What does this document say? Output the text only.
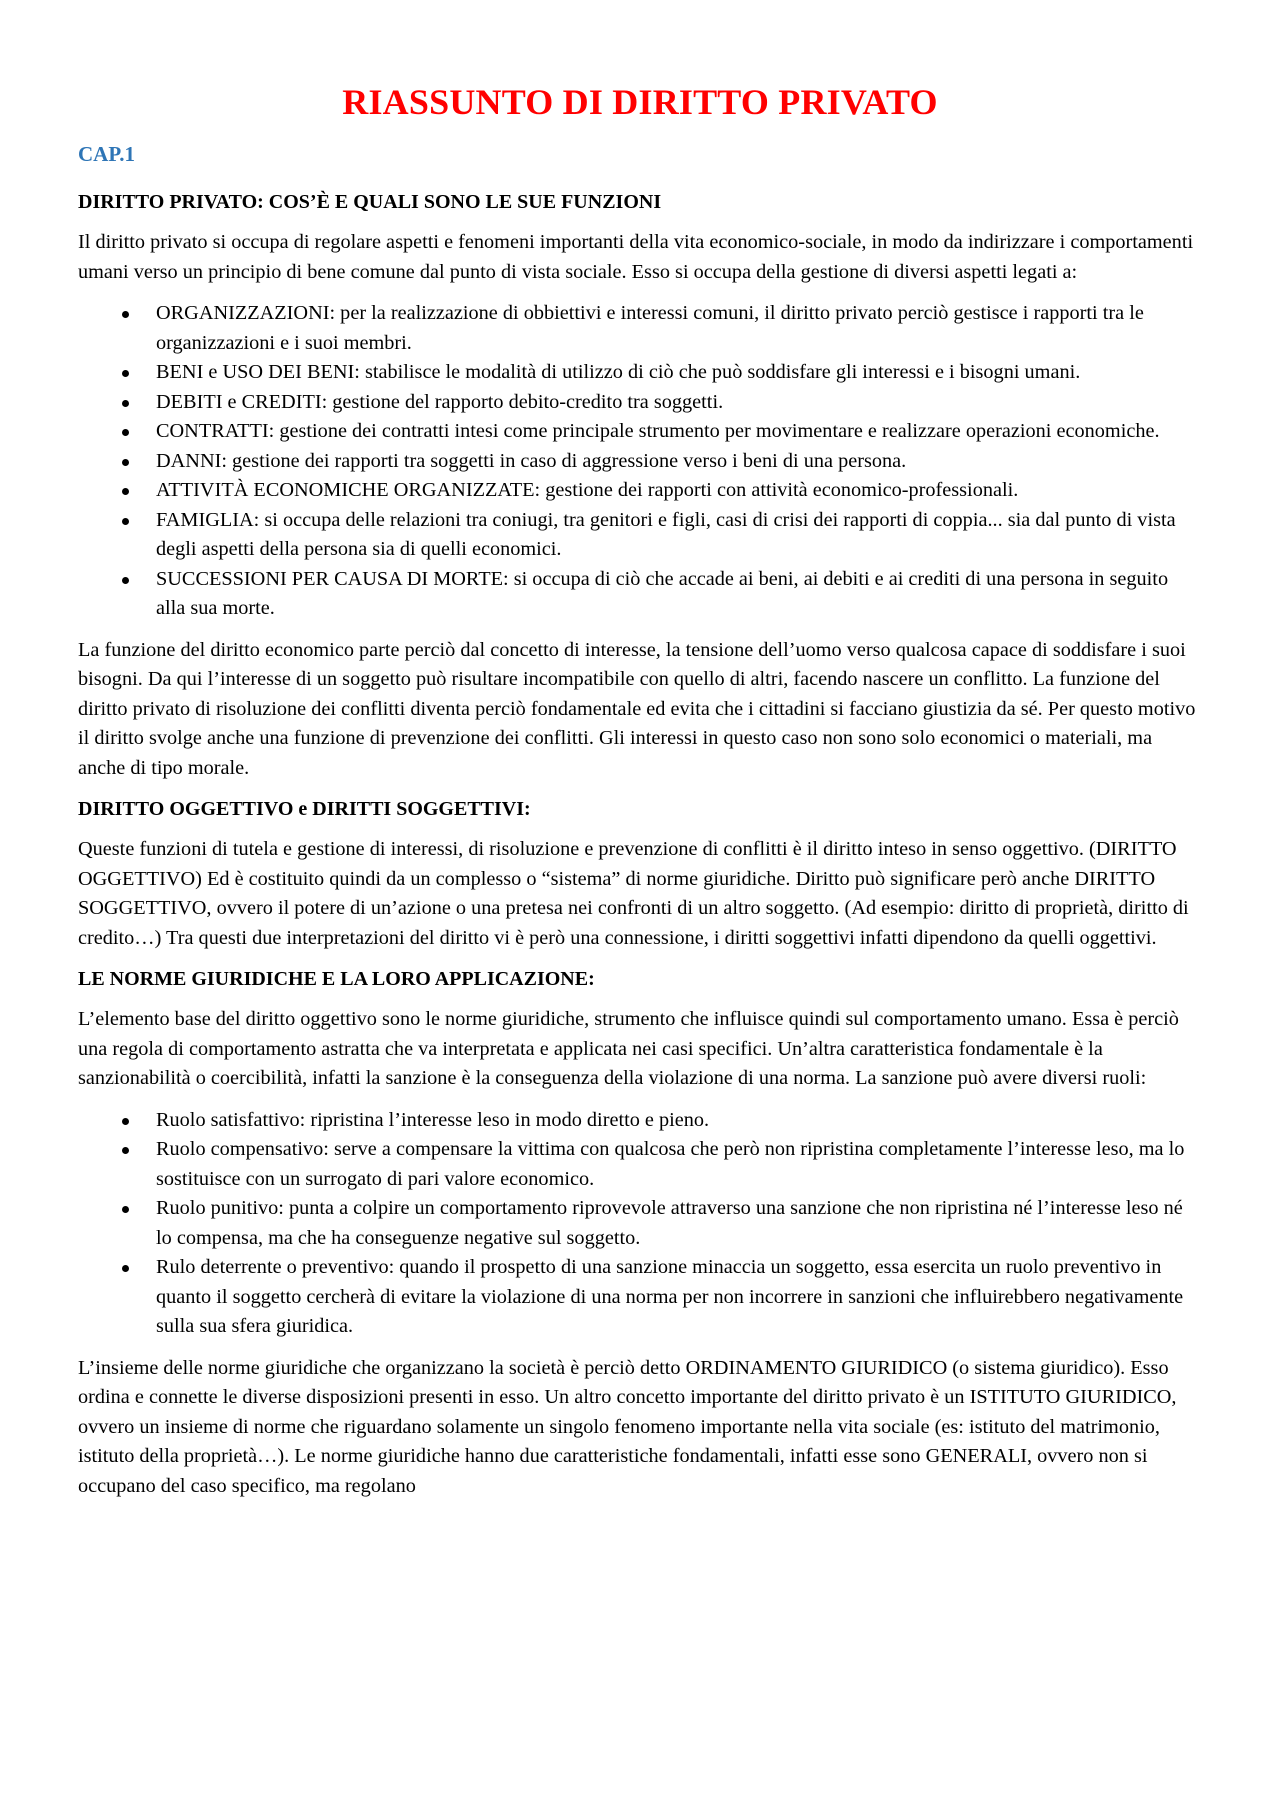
RIASSUNTO DI DIRITTO PRIVATO
CAP.1
DIRITTO PRIVATO: COS’È E QUALI SONO LE SUE FUNZIONI

Il diritto privato si occupa di regolare aspetti e fenomeni importanti della vita economico-sociale, in modo da indirizzare i comportamenti umani verso un principio di bene comune dal punto di vista sociale. Esso si occupa della gestione di diversi aspetti legati a:

ORGANIZZAZIONI: per la realizzazione di obbiettivi e interessi comuni, il diritto privato perciò gestisce i rapporti tra le organizzazioni e i suoi membri.
BENI e USO DEI BENI: stabilisce le modalità di utilizzo di ciò che può soddisfare gli interessi e i bisogni umani.
DEBITI e CREDITI: gestione del rapporto debito-credito tra soggetti.
CONTRATTI: gestione dei contratti intesi come principale strumento per movimentare e realizzare operazioni economiche.
DANNI: gestione dei rapporti tra soggetti in caso di aggressione verso i beni di una persona.
ATTIVITÀ ECONOMICHE ORGANIZZATE: gestione dei rapporti con attività economico-professionali.
FAMIGLIA: si occupa delle relazioni tra coniugi, tra genitori e figli, casi di crisi dei rapporti di coppia... sia dal punto di vista degli aspetti della persona sia di quelli economici.
SUCCESSIONI PER CAUSA DI MORTE: si occupa di ciò che accade ai beni, ai debiti e ai crediti di una persona in seguito alla sua morte.

La funzione del diritto economico parte perciò dal concetto di interesse, la tensione dell’uomo verso qualcosa capace di soddisfare i suoi bisogni. Da qui l’interesse di un soggetto può risultare incompatibile con quello di altri, facendo nascere un conflitto. La funzione del diritto privato di risoluzione dei conflitti diventa perciò fondamentale ed evita che i cittadini si facciano giustizia da sé. Per questo motivo il diritto svolge anche una funzione di prevenzione dei conflitti. Gli interessi in questo caso non sono solo economici o materiali, ma anche di tipo morale.

DIRITTO OGGETTIVO e DIRITTI SOGGETTIVI:

Queste funzioni di tutela e gestione di interessi, di risoluzione e prevenzione di conflitti è il diritto inteso in senso oggettivo. (DIRITTO OGGETTIVO) Ed è costituito quindi da un complesso o “sistema” di norme giuridiche. Diritto può significare però anche DIRITTO SOGGETTIVO, ovvero il potere di un’azione o una pretesa nei confronti di un altro soggetto. (Ad esempio: diritto di proprietà, diritto di credito…) Tra questi due interpretazioni del diritto vi è però una connessione, i diritti soggettivi infatti dipendono da quelli oggettivi.

LE NORME GIURIDICHE E LA LORO APPLICAZIONE:

L’elemento base del diritto oggettivo sono le norme giuridiche, strumento che influisce quindi sul comportamento umano. Essa è perciò una regola di comportamento astratta che va interpretata e applicata nei casi specifici. Un’altra caratteristica fondamentale è la sanzionabilità o coercibilità, infatti la sanzione è la conseguenza della violazione di una norma. La sanzione può avere diversi ruoli:

Ruolo satisfattivo: ripristina l’interesse leso in modo diretto e pieno.
Ruolo compensativo: serve a compensare la vittima con qualcosa che però non ripristina completamente l’interesse leso, ma lo sostituisce con un surrogato di pari valore economico.
Ruolo punitivo: punta a colpire un comportamento riprovevole attraverso una sanzione che non ripristina né l’interesse leso né lo compensa, ma che ha conseguenze negative sul soggetto.
Rulo deterrente o preventivo: quando il prospetto di una sanzione minaccia un soggetto, essa esercita un ruolo preventivo in quanto il soggetto cercherà di evitare la violazione di una norma per non incorrere in sanzioni che influirebbero negativamente sulla sua sfera giuridica.

L’insieme delle norme giuridiche che organizzano la società è perciò detto ORDINAMENTO GIURIDICO (o sistema giuridico). Esso ordina e connette le diverse disposizioni presenti in esso. Un altro concetto importante del diritto privato è un ISTITUTO GIURIDICO, ovvero un insieme di norme che riguardano solamente un singolo fenomeno importante nella vita sociale (es: istituto del matrimonio, istituto della proprietà…). Le norme giuridiche hanno due caratteristiche fondamentali, infatti esse sono GENERALI, ovvero non si occupano del caso specifico, ma regolano
